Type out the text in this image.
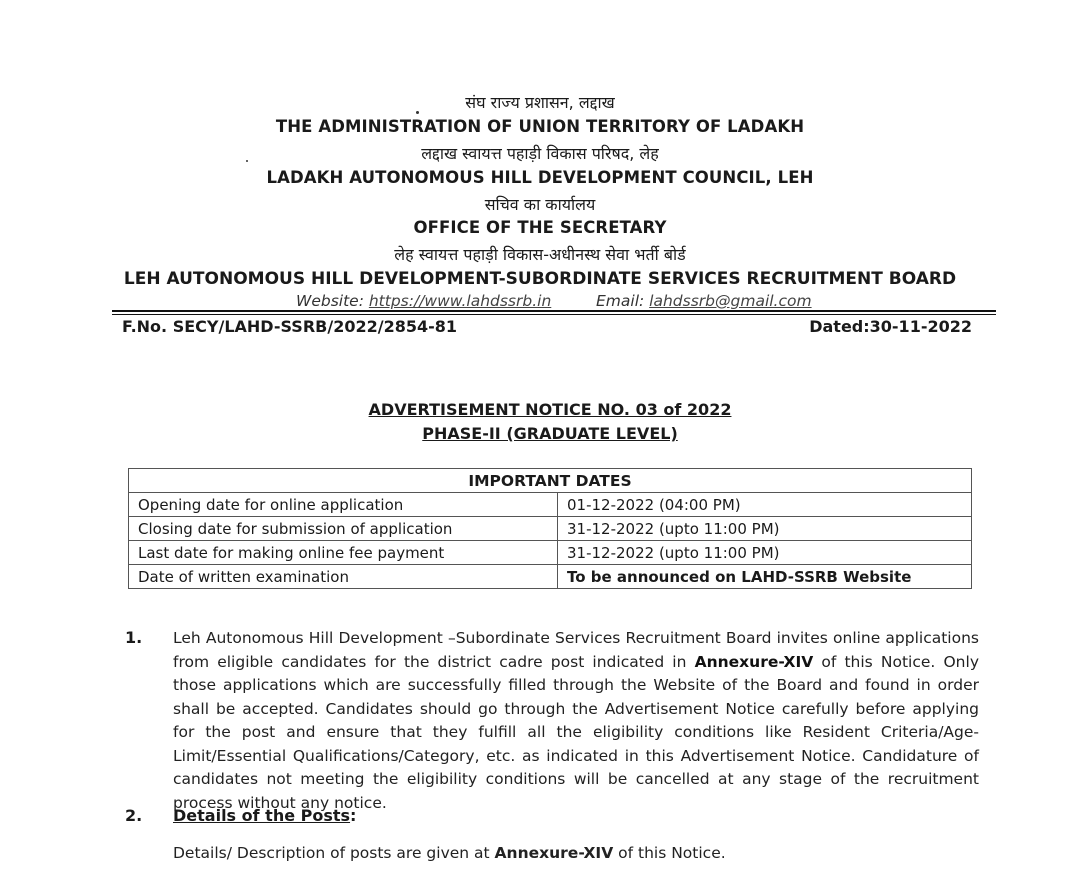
संघ राज्य प्रशासन, लद्दाख
THE ADMINISTRATION OF UNION TERRITORY OF LADAKH
लद्दाख स्वायत्त पहाड़ी विकास परिषद, लेह
LADAKH AUTONOMOUS HILL DEVELOPMENT COUNCIL, LEH
सचिव का कार्यालय
OFFICE OF THE SECRETARY
लेह स्वायत्त पहाड़ी विकास-अधीनस्थ सेवा भर्ती बोर्ड
LEH AUTONOMOUS HILL DEVELOPMENT-SUBORDINATE SERVICES RECRUITMENT BOARD
Website: https://www.lahdssrb.in	Email: lahdssrb@gmail.com
F.No. SECY/LAHD-SSRB/2022/2854-81	Dated:30-11-2022
ADVERTISEMENT NOTICE NO. 03 of 2022
PHASE-II (GRADUATE LEVEL)
IMPORTANT DATES	
Opening date for online application	01-12-2022 (04:00 PM)
Closing date for submission of application	31-12-2022 (upto 11:00 PM)
Last date for making online fee payment	31-12-2022 (upto 11:00 PM)
Date of written examination	To be announced on LAHD-SSRB Website
1. Leh Autonomous Hill Development –Subordinate Services Recruitment Board invites online applications from eligible candidates for the district cadre post indicated in Annexure-XIV of this Notice. Only those applications which are successfully filled through the Website of the Board and found in order shall be accepted. Candidates should go through the Advertisement Notice carefully before applying for the post and ensure that they fulfill all the eligibility conditions like Resident Criteria/Age-Limit/Essential Qualifications/Category, etc. as indicated in this Advertisement Notice. Candidature of candidates not meeting the eligibility conditions will be cancelled at any stage of the recruitment process without any notice.
2. Details of the Posts:
Details/ Description of posts are given at Annexure-XIV of this Notice.
